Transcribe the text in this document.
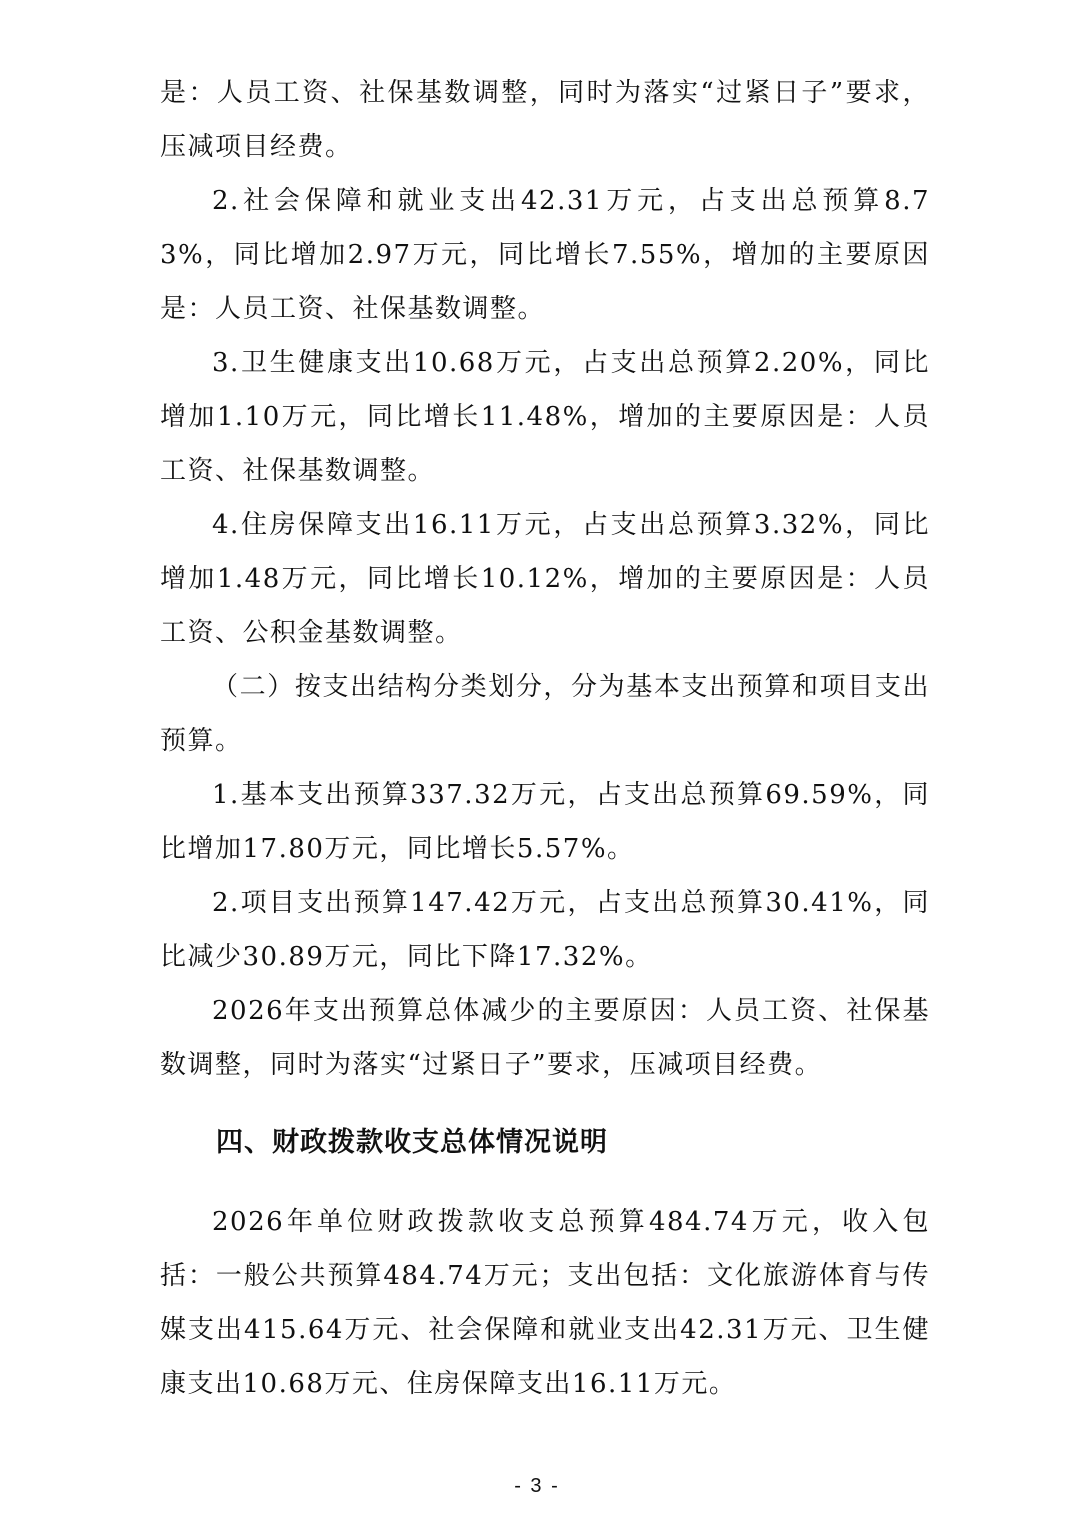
是：人员工资、社保基数调整，同时为落实“过紧日子”要求，压减项目经费。

2.社会保障和就业支出42.31万元，占支出总预算8.73%，同比增加2.97万元，同比增长7.55%，增加的主要原因是：人员工资、社保基数调整。

3.卫生健康支出10.68万元，占支出总预算2.20%，同比增加1.10万元，同比增长11.48%，增加的主要原因是：人员工资、社保基数调整。

4.住房保障支出16.11万元，占支出总预算3.32%，同比增加1.48万元，同比增长10.12%，增加的主要原因是：人员工资、公积金基数调整。

（二）按支出结构分类划分，分为基本支出预算和项目支出预算。

1.基本支出预算337.32万元，占支出总预算69.59%，同比增加17.80万元，同比增长5.57%。

2.项目支出预算147.42万元，占支出总预算30.41%，同比减少30.89万元，同比下降17.32%。

2026年支出预算总体减少的主要原因：人员工资、社保基数调整，同时为落实“过紧日子”要求，压减项目经费。

四、财政拨款收支总体情况说明

2026年单位财政拨款收支总预算484.74万元，收入包括：一般公共预算484.74万元；支出包括：文化旅游体育与传媒支出415.64万元、社会保障和就业支出42.31万元、卫生健康支出10.68万元、住房保障支出16.11万元。

- 3 -
